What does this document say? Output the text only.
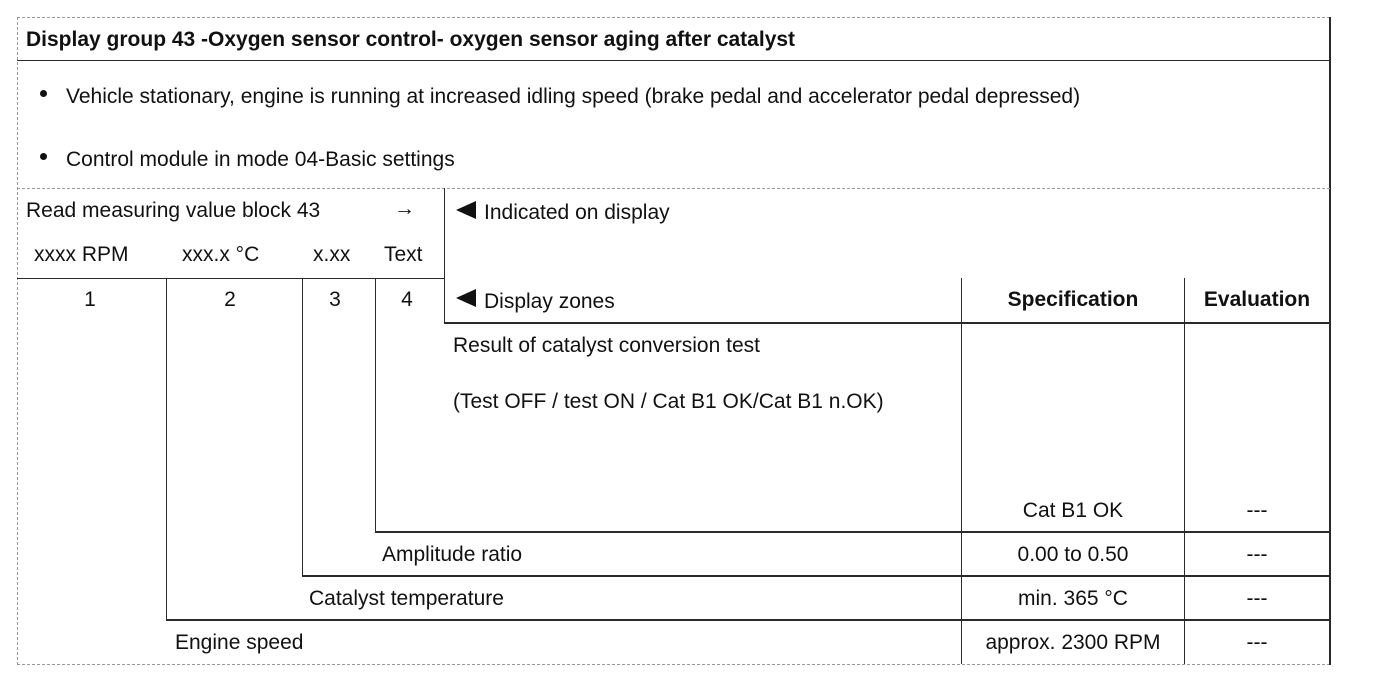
Display group 43 -Oxygen sensor control- oxygen sensor aging after catalyst
Vehicle stationary, engine is running at increased idling speed (brake pedal and accelerator pedal depressed)
Control module in mode 04-Basic settings
Read measuring value block 43	→	Indicated on display
xxxx RPM	xxx.x °C	x.xx Text
1	2	3	4	Display zones	Specification	Evaluation
Result of catalyst conversion test
(Test OFF / test ON / Cat B1 OK/Cat B1 n.OK)
Cat B1 OK	---
Amplitude ratio	0.00 to 0.50	---
Catalyst temperature	min. 365 °C	---
Engine speed	approx. 2300 RPM	---
